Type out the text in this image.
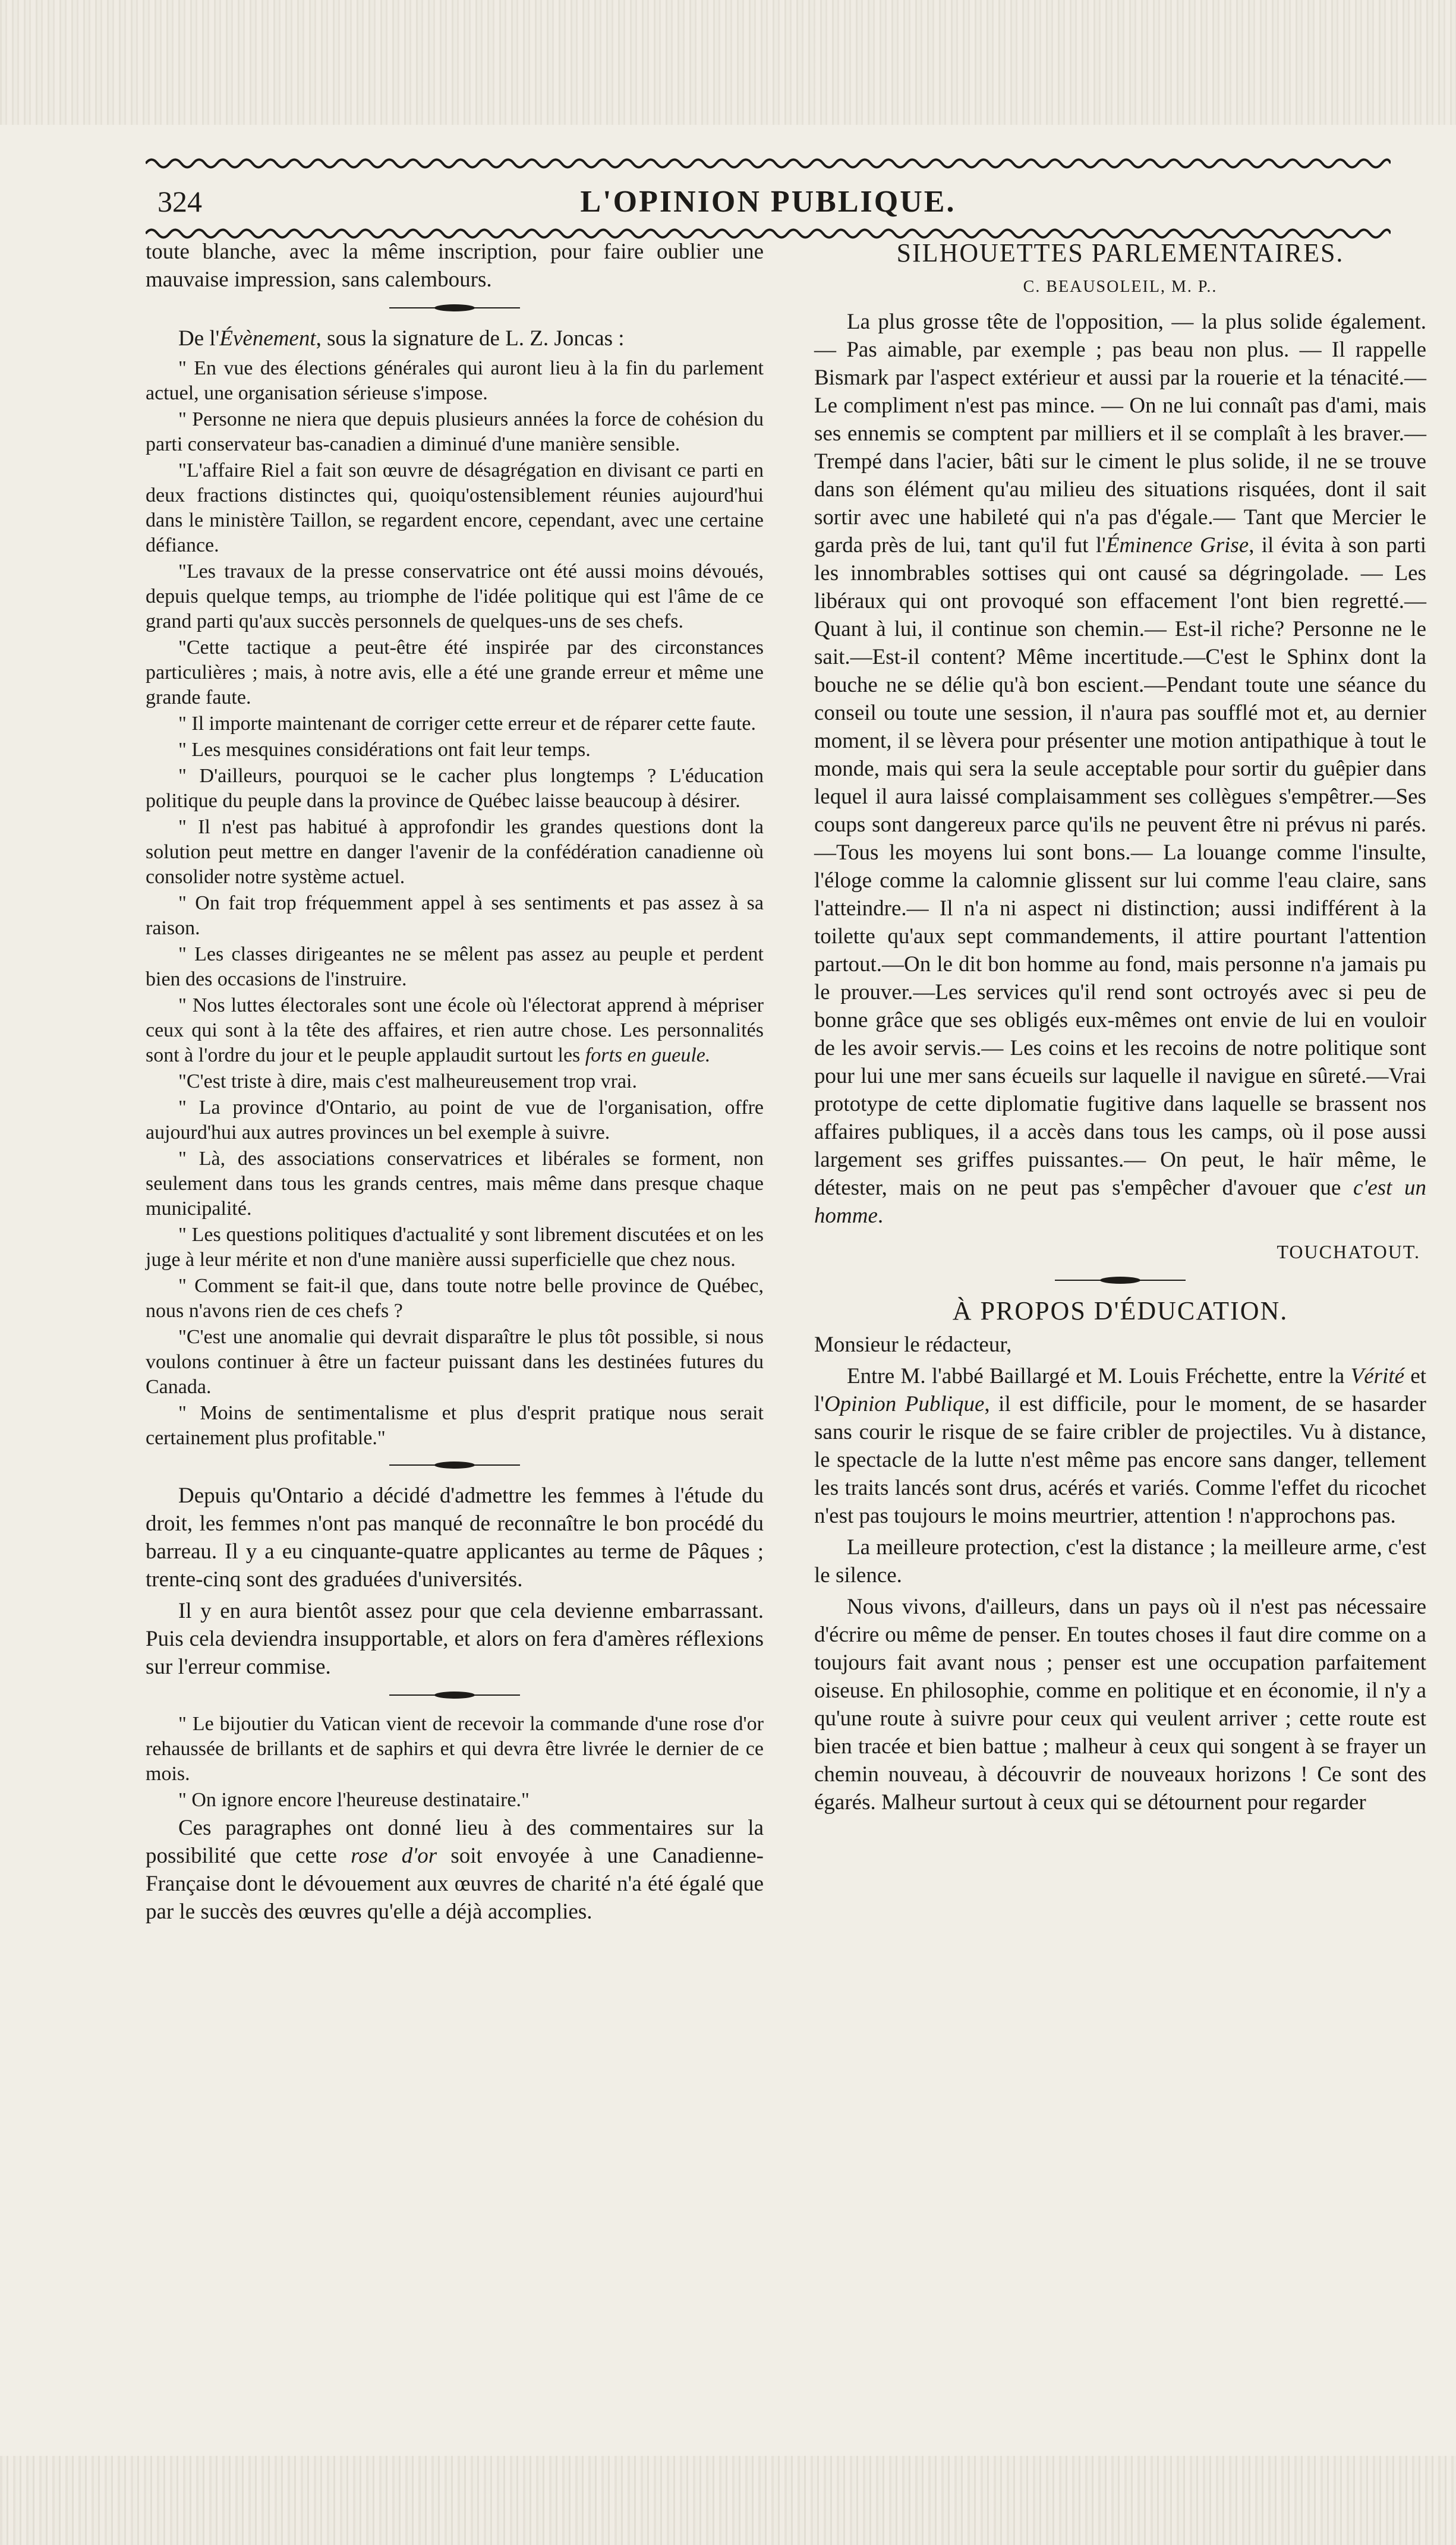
324	L'OPINION PUBLIQUE.

toute blanche, avec la même inscription, pour faire oublier une mauvaise impression, sans calembours.

De l'Évènement, sous la signature de L. Z. Joncas :

" En vue des élections générales qui auront lieu à la fin du parlement actuel, une organisation sérieuse s'impose.

" Personne ne niera que depuis plusieurs années la force de cohésion du parti conservateur bas-canadien a diminué d'une manière sensible.

"L'affaire Riel a fait son œuvre de désagrégation en divisant ce parti en deux fractions distinctes qui, quoiqu'ostensiblement réunies aujourd'hui dans le ministère Taillon, se regardent encore, cependant, avec une certaine défiance.

"Les travaux de la presse conservatrice ont été aussi moins dévoués, depuis quelque temps, au triomphe de l'idée politique qui est l'âme de ce grand parti qu'aux succès personnels de quelques-uns de ses chefs.

"Cette tactique a peut-être été inspirée par des circonstances particulières ; mais, à notre avis, elle a été une grande erreur et même une grande faute.

" Il importe maintenant de corriger cette erreur et de réparer cette faute.

" Les mesquines considérations ont fait leur temps.

" D'ailleurs, pourquoi se le cacher plus longtemps ? L'éducation politique du peuple dans la province de Québec laisse beaucoup à désirer.

" Il n'est pas habitué à approfondir les grandes questions dont la solution peut mettre en danger l'avenir de la confédération canadienne où consolider notre système actuel.

" On fait trop fréquemment appel à ses sentiments et pas assez à sa raison.

" Les classes dirigeantes ne se mêlent pas assez au peuple et perdent bien des occasions de l'instruire.

" Nos luttes électorales sont une école où l'électorat apprend à mépriser ceux qui sont à la tête des affaires, et rien autre chose. Les personnalités sont à l'ordre du jour et le peuple applaudit surtout les forts en gueule.

"C'est triste à dire, mais c'est malheureusement trop vrai.

" La province d'Ontario, au point de vue de l'organisation, offre aujourd'hui aux autres provinces un bel exemple à suivre.

" Là, des associations conservatrices et libérales se forment, non seulement dans tous les grands centres, mais même dans presque chaque municipalité.

" Les questions politiques d'actualité y sont librement discutées et on les juge à leur mérite et non d'une manière aussi superficielle que chez nous.

" Comment se fait-il que, dans toute notre belle province de Québec, nous n'avons rien de ces chefs ?

"C'est une anomalie qui devrait disparaître le plus tôt possible, si nous voulons continuer à être un facteur puissant dans les destinées futures du Canada.

" Moins de sentimentalisme et plus d'esprit pratique nous serait certainement plus profitable."

Depuis qu'Ontario a décidé d'admettre les femmes à l'étude du droit, les femmes n'ont pas manqué de reconnaître le bon procédé du barreau. Il y a eu cinquante-quatre applicantes au terme de Pâques ; trente-cinq sont des graduées d'universités.

Il y en aura bientôt assez pour que cela devienne embarrassant. Puis cela deviendra insupportable, et alors on fera d'amères réflexions sur l'erreur commise.

" Le bijoutier du Vatican vient de recevoir la commande d'une rose d'or rehaussée de brillants et de saphirs et qui devra être livrée le dernier de ce mois.

" On ignore encore l'heureuse destinataire."

Ces paragraphes ont donné lieu à des commentaires sur la possibilité que cette rose d'or soit envoyée à une Canadienne-Française dont le dévouement aux œuvres de charité n'a été égalé que par le succès des œuvres qu'elle a déjà accomplies.

SILHOUETTES PARLEMENTAIRES.
C. BEAUSOLEIL, M. P..

La plus grosse tête de l'opposition, — la plus solide également. — Pas aimable, par exemple ; pas beau non plus. — Il rappelle Bismark par l'aspect extérieur et aussi par la rouerie et la ténacité.— Le compliment n'est pas mince. — On ne lui connaît pas d'ami, mais ses ennemis se comptent par milliers et il se complaît à les braver.— Trempé dans l'acier, bâti sur le ciment le plus solide, il ne se trouve dans son élément qu'au milieu des situations risquées, dont il sait sortir avec une habileté qui n'a pas d'égale.— Tant que Mercier le garda près de lui, tant qu'il fut l'Éminence Grise, il évita à son parti les innombrables sottises qui ont causé sa dégringolade. — Les libéraux qui ont provoqué son effacement l'ont bien regretté.— Quant à lui, il continue son chemin.— Est-il riche? Personne ne le sait.—Est-il content? Même incertitude.—C'est le Sphinx dont la bouche ne se délie qu'à bon escient.—Pendant toute une séance du conseil ou toute une session, il n'aura pas soufflé mot et, au dernier moment, il se lèvera pour présenter une motion antipathique à tout le monde, mais qui sera la seule acceptable pour sortir du guêpier dans lequel il aura laissé complaisamment ses collègues s'empêtrer.—Ses coups sont dangereux parce qu'ils ne peuvent être ni prévus ni parés.—Tous les moyens lui sont bons.— La louange comme l'insulte, l'éloge comme la calomnie glissent sur lui comme l'eau claire, sans l'atteindre.— Il n'a ni aspect ni distinction; aussi indifférent à la toilette qu'aux sept commandements, il attire pourtant l'attention partout.—On le dit bon homme au fond, mais personne n'a jamais pu le prouver.—Les services qu'il rend sont octroyés avec si peu de bonne grâce que ses obligés eux-mêmes ont envie de lui en vouloir de les avoir servis.— Les coins et les recoins de notre politique sont pour lui une mer sans écueils sur laquelle il navigue en sûreté.—Vrai prototype de cette diplomatie fugitive dans laquelle se brassent nos affaires publiques, il a accès dans tous les camps, où il pose aussi largement ses griffes puissantes.— On peut, le haïr même, le détester, mais on ne peut pas s'empêcher d'avouer que c'est un homme.

TOUCHATOUT.
À PROPOS D'ÉDUCATION.

Monsieur le rédacteur,

Entre M. l'abbé Baillargé et M. Louis Fréchette, entre la Vérité et l'Opinion Publique, il est difficile, pour le moment, de se hasarder sans courir le risque de se faire cribler de projectiles. Vu à distance, le spectacle de la lutte n'est même pas encore sans danger, tellement les traits lancés sont drus, acérés et variés. Comme l'effet du ricochet n'est pas toujours le moins meurtrier, attention ! n'approchons pas.

La meilleure protection, c'est la distance ; la meilleure arme, c'est le silence.

Nous vivons, d'ailleurs, dans un pays où il n'est pas nécessaire d'écrire ou même de penser. En toutes choses il faut dire comme on a toujours fait avant nous ; penser est une occupation parfaitement oiseuse. En philosophie, comme en politique et en économie, il n'y a qu'une route à suivre pour ceux qui veulent arriver ; cette route est bien tracée et bien battue ; malheur à ceux qui songent à se frayer un chemin nouveau, à découvrir de nouveaux horizons ! Ce sont des égarés. Malheur surtout à ceux qui se détournent pour regarder
